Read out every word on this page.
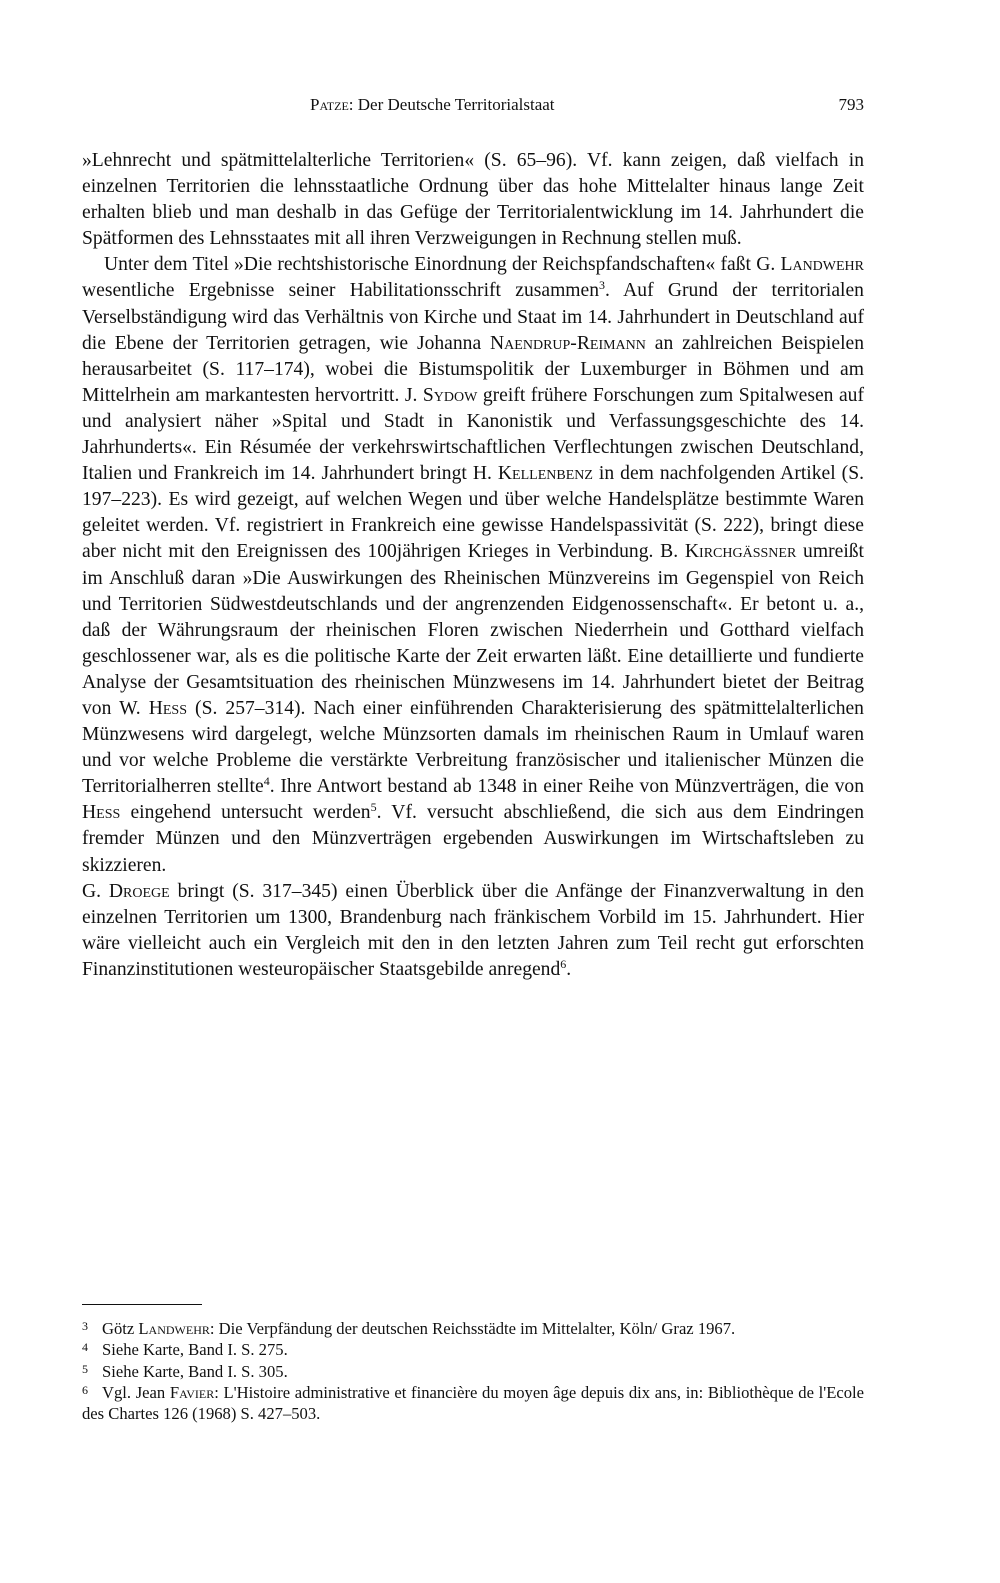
Patze: Der Deutsche Territorialstaat	793

»Lehnrecht und spätmittelalterliche Territorien« (S. 65–96). Vf. kann zeigen, daß vielfach in einzelnen Territorien die lehnsstaatliche Ordnung über das hohe Mittelalter hinaus lange Zeit erhalten blieb und man deshalb in das Gefüge der Territorialentwicklung im 14. Jahrhundert die Spätformen des Lehnsstaates mit all ihren Verzweigungen in Rechnung stellen muß.

Unter dem Titel »Die rechtshistorische Einordnung der Reichspfandschaften« faßt G. Landwehr wesentliche Ergebnisse seiner Habilitationsschrift zusammen$^3$. Auf Grund der territorialen Verselbständigung wird das Verhältnis von Kirche und Staat im 14. Jahrhundert in Deutschland auf die Ebene der Territorien getragen, wie Johanna Naendrup-Reimann an zahlreichen Beispielen herausarbeitet (S. 117–174), wobei die Bistumspolitik der Luxemburger in Böhmen und am Mittelrhein am markantesten hervortritt. J. Sydow greift frühere Forschungen zum Spitalwesen auf und analysiert näher »Spital und Stadt in Kanonistik und Verfassungsgeschichte des 14. Jahrhunderts«. Ein Résumée der verkehrswirtschaftlichen Verflechtungen zwischen Deutschland, Italien und Frankreich im 14. Jahrhundert bringt H. Kellenbenz in dem nachfolgenden Artikel (S. 197–223). Es wird gezeigt, auf welchen Wegen und über welche Handelsplätze bestimmte Waren geleitet werden. Vf. registriert in Frankreich eine gewisse Handelspassivität (S. 222), bringt diese aber nicht mit den Ereignissen des 100jährigen Krieges in Verbindung. B. Kirchgässner umreißt im Anschluß daran »Die Auswirkungen des Rheinischen Münzvereins im Gegenspiel von Reich und Territorien Südwestdeutschlands und der angrenzenden Eidgenossenschaft«. Er betont u. a., daß der Währungsraum der rheinischen Floren zwischen Niederrhein und Gotthard vielfach geschlossener war, als es die politische Karte der Zeit erwarten läßt. Eine detaillierte und fundierte Analyse der Gesamtsituation des rheinischen Münzwesens im 14. Jahrhundert bietet der Beitrag von W. Hess (S. 257–314). Nach einer einführenden Charakterisierung des spätmittelalterlichen Münzwesens wird dargelegt, welche Münzsorten damals im rheinischen Raum in Umlauf waren und vor welche Probleme die verstärkte Verbreitung französischer und italienischer Münzen die Territorialherren stellte$^4$. Ihre Antwort bestand ab 1348 in einer Reihe von Münzverträgen, die von Hess eingehend untersucht werden$^5$. Vf. versucht abschließend, die sich aus dem Eindringen fremder Münzen und den Münzverträgen ergebenden Auswirkungen im Wirtschaftsleben zu skizzieren.

G. Droege bringt (S. 317–345) einen Überblick über die Anfänge der Finanzverwaltung in den einzelnen Territorien um 1300, Brandenburg nach fränkischem Vorbild im 15. Jahrhundert. Hier wäre vielleicht auch ein Vergleich mit den in den letzten Jahren zum Teil recht gut erforschten Finanzinstitutionen westeuropäischer Staatsgebilde anregend$^6$.

3 Götz Landwehr: Die Verpfändung der deutschen Reichsstädte im Mittelalter, Köln/ Graz 1967.

4 Siehe Karte, Band I. S. 275.

5 Siehe Karte, Band I. S. 305.

6 Vgl. Jean Favier: L'Histoire administrative et financière du moyen âge depuis dix ans, in: Bibliothèque de l'Ecole des Chartes 126 (1968) S. 427–503.
